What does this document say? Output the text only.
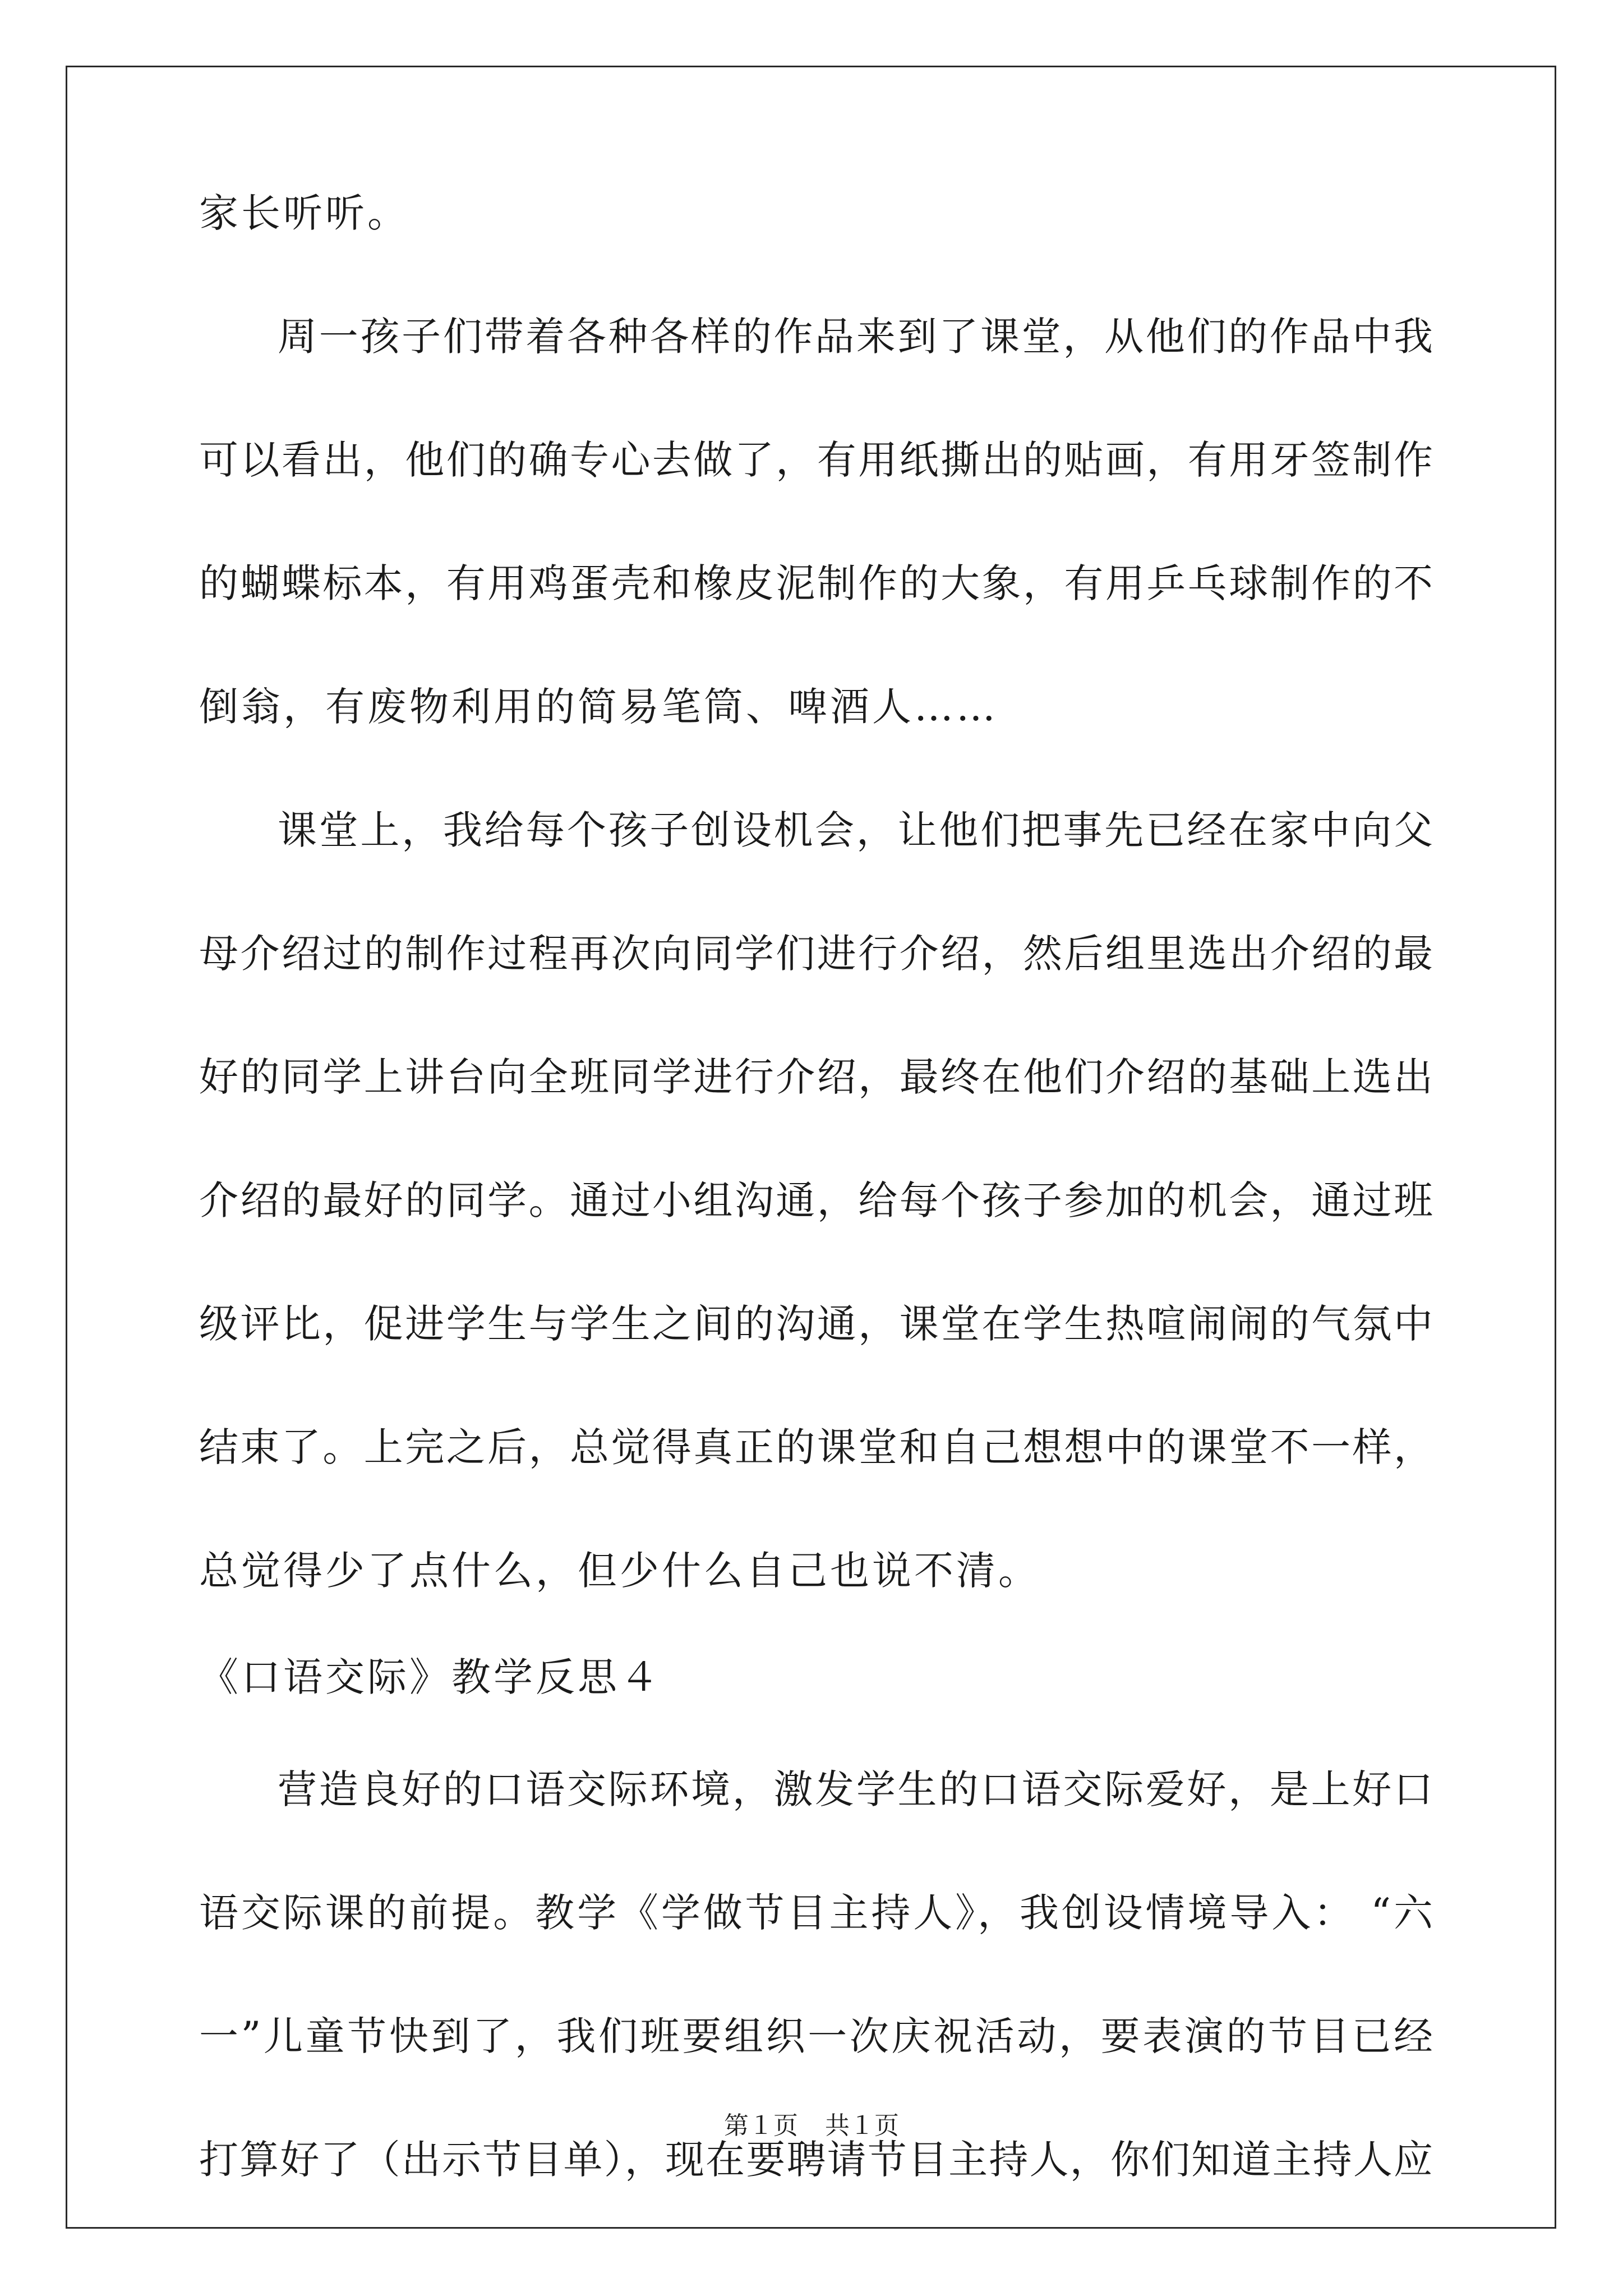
家长听听。
周一孩子们带着各种各样的作品来到了课堂，从他们的作品中我
可以看出，他们的确专心去做了，有用纸撕出的贴画，有用牙签制作
的蝴蝶标本，有用鸡蛋壳和橡皮泥制作的大象，有用乒乓球制作的不
倒翁，有废物利用的简易笔筒、啤酒人……
课堂上，我给每个孩子创设机会，让他们把事先已经在家中向父
母介绍过的制作过程再次向同学们进行介绍，然后组里选出介绍的最
好的同学上讲台向全班同学进行介绍，最终在他们介绍的基础上选出
介绍的最好的同学。通过小组沟通，给每个孩子参加的机会，通过班
级评比，促进学生与学生之间的沟通，课堂在学生热喧闹闹的气氛中
结束了。上完之后，总觉得真正的课堂和自己想想中的课堂不一样，
总觉得少了点什么，但少什么自己也说不清。
《口语交际》教学反思４
营造良好的口语交际环境，激发学生的口语交际爱好，是上好口
语交际课的前提。教学《学做节目主持人》，我创设情境导入： “六
一”儿童节快到了，我们班要组织一次庆祝活动，要表演的节目已经
打算好了（出示节目单），现在要聘请节目主持人，你们知道主持人应
第１页 共１页
